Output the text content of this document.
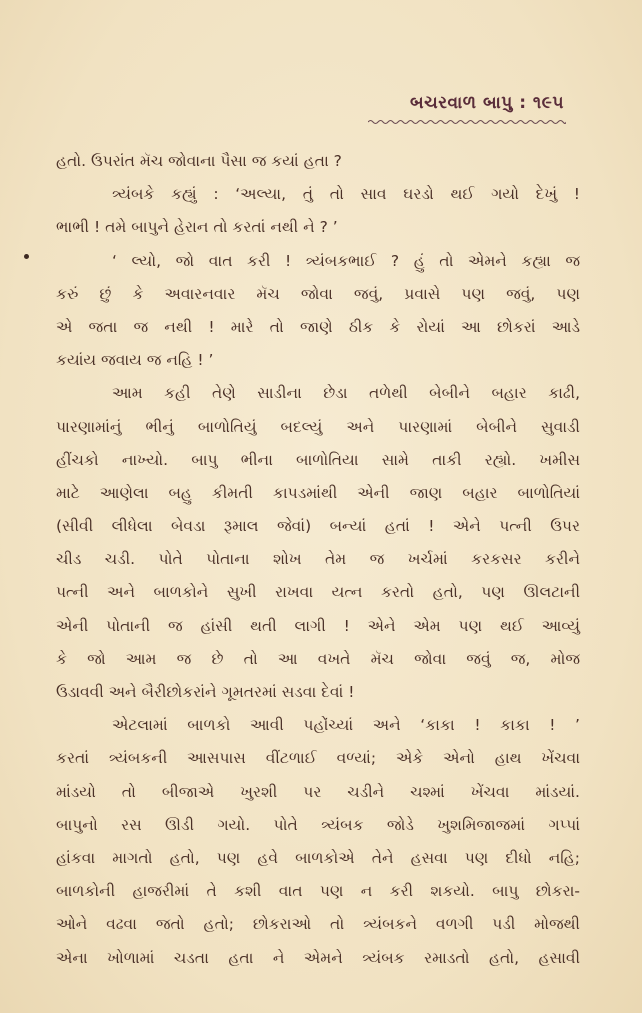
બચરવાળ બાપુ : ૧૯૫
હતો. ઉપરાંત મૅચ જોવાના પૈસા જ કયાં હતા ?
ત્ર્યંબકે કહ્યું : ‘અલ્યા, તું તો સાવ ઘરડો થઈ ગયો દેખું !
ભાભી ! તમે બાપુને હેરાન તો કરતાં નથી ને ? ’
‘ લ્યો, જો વાત કરી ! ત્ર્યંબકભાઈ ? હું તો એમને કહ્યા જ
કરું છું કે અવારનવાર મૅચ જોવા જવું, પ્રવાસે પણ જવું, પણ
એ જતા જ નથી ! મારે તો જાણે ઠીક કે રોયાં આ છોકરાં આડે
કયાંય જવાય જ નહિ ! ’
આમ કહી તેણે સાડીના છેડા તળેથી બેબીને બહાર કાઢી,
પારણામાંનું ભીનું બાળોતિયું બદલ્યું અને પારણામાં બેબીને સુવાડી
હીંચકો નાખ્યો. બાપુ ભીના બાળોતિયા સામે તાકી રહ્યો. ખમીસ
માટે આણેલા બહુ કીમતી કાપડમાંથી એની જાણ બહાર બાળોતિયાં
(સીવી લીધેલા બેવડા રૂમાલ જેવાં) બન્યાં હતાં ! એને પત્ની ઉપર
ચીડ ચડી. પોતે પોતાના શોખ તેમ જ ખર્ચમાં કરકસર કરીને
પત્ની અને બાળકોને સુખી રાખવા યત્ન કરતો હતો, પણ ઊલટાની
એની પોતાની જ હાંસી થતી લાગી ! એને એમ પણ થઈ આવ્યું
કે જો આમ જ છે તો આ વખતે મૅચ જોવા જવું જ, મોજ
ઉડાવવી અને બૈરીછોકરાંને ગૂમતરમાં સડવા દેવાં !
એટલામાં બાળકો આવી પહોંચ્યાં અને ‘કાકા ! કાકા ! ’
કરતાં ત્ર્યંબકની આસપાસ વીંટળાઈ વળ્યાં; એકે એનો હાથ ખેંચવા
માંડયો તો બીજાએ ખુરશી પર ચડીને ચશ્માં ખેંચવા માંડયાં.
બાપુનો રસ ઊડી ગયો. પોતે ત્ર્યંબક જોડે ખુશમિજાજમાં ગપ્પાં
હાંકવા માગતો હતો, પણ હવે બાળકોએ તેને હસવા પણ દીધો નહિ;
બાળકોની હાજરીમાં તે કશી વાત પણ ન કરી શકયો. બાપુ છોકરા-
ઓને વઢવા જતો હતો; છોકરાઓ તો ત્ર્યંબકને વળગી પડી મોજથી
એના ખોળામાં ચડતા હતા ને એમને ત્ર્યંબક રમાડતો હતો, હસાવી
